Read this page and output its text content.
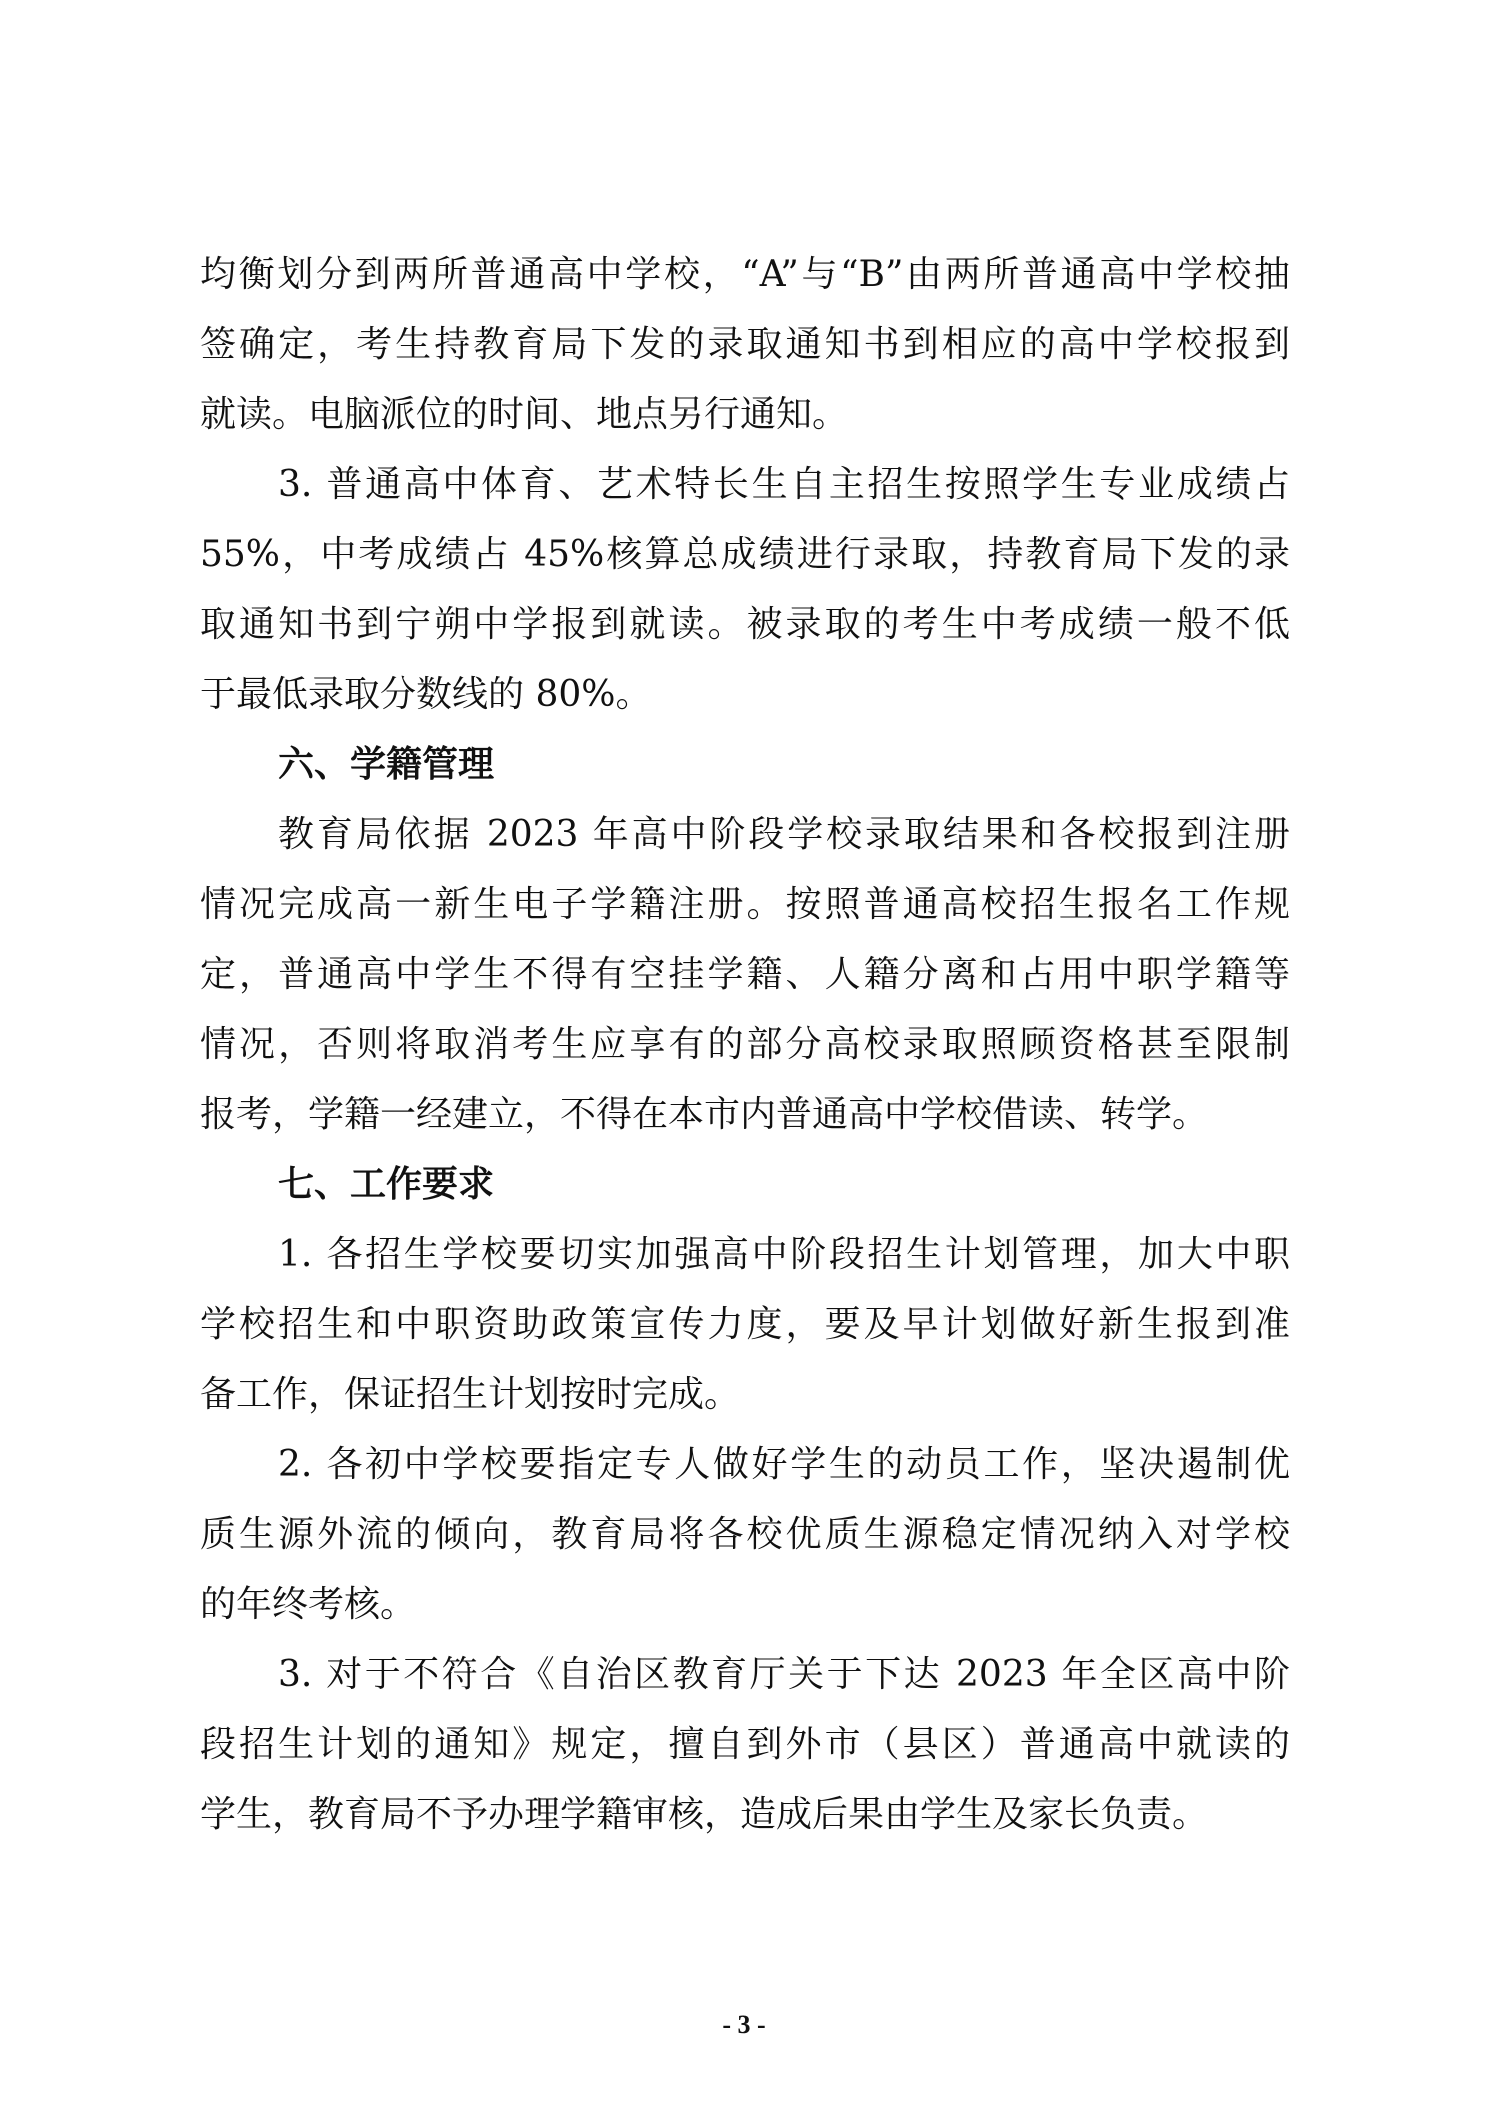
均衡划分到两所普通高中学校，“A”与“B”由两所普通高中学校抽
签确定，考生持教育局下发的录取通知书到相应的高中学校报到
就读。电脑派位的时间、地点另行通知。
3. 普通高中体育、艺术特长生自主招生按照学生专业成绩占
55%，中考成绩占 45%核算总成绩进行录取，持教育局下发的录
取通知书到宁朔中学报到就读。被录取的考生中考成绩一般不低
于最低录取分数线的 80%。
六、学籍管理
教育局依据 2023 年高中阶段学校录取结果和各校报到注册
情况完成高一新生电子学籍注册。按照普通高校招生报名工作规
定，普通高中学生不得有空挂学籍、人籍分离和占用中职学籍等
情况，否则将取消考生应享有的部分高校录取照顾资格甚至限制
报考，学籍一经建立，不得在本市内普通高中学校借读、转学。
七、工作要求
1. 各招生学校要切实加强高中阶段招生计划管理，加大中职
学校招生和中职资助政策宣传力度，要及早计划做好新生报到准
备工作，保证招生计划按时完成。
2. 各初中学校要指定专人做好学生的动员工作，坚决遏制优
质生源外流的倾向，教育局将各校优质生源稳定情况纳入对学校
的年终考核。
3. 对于不符合《自治区教育厅关于下达 2023 年全区高中阶
段招生计划的通知》规定，擅自到外市（县区）普通高中就读的
学生，教育局不予办理学籍审核，造成后果由学生及家长负责。
- 3 -
